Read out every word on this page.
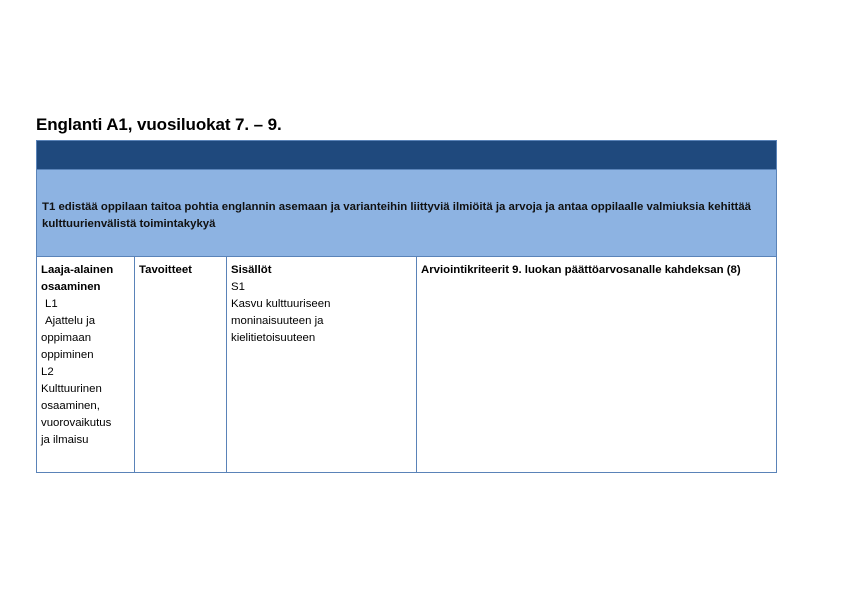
Englanti A1, vuosiluokat 7. – 9.
T1 edistää oppilaan taitoa pohtia englannin asemaan ja varianteihin liittyviä ilmiöitä ja arvoja ja antaa oppilaalle valmiuksia kehittää kulttuurienvälistä toimintakykyä
Laaja-alainen
osaaminen
L1
Ajattelu ja
oppimaan
oppiminen
L2
Kulttuurinen
osaaminen,
vuorovaikutus
ja ilmaisu
Tavoitteet	Sisällöt
S1
Kasvu kulttuuriseen
moninaisuuteen ja
kielitietoisuuteen
Arviointikriteerit 9. luokan päättöarvosanalle kahdeksan (8)
